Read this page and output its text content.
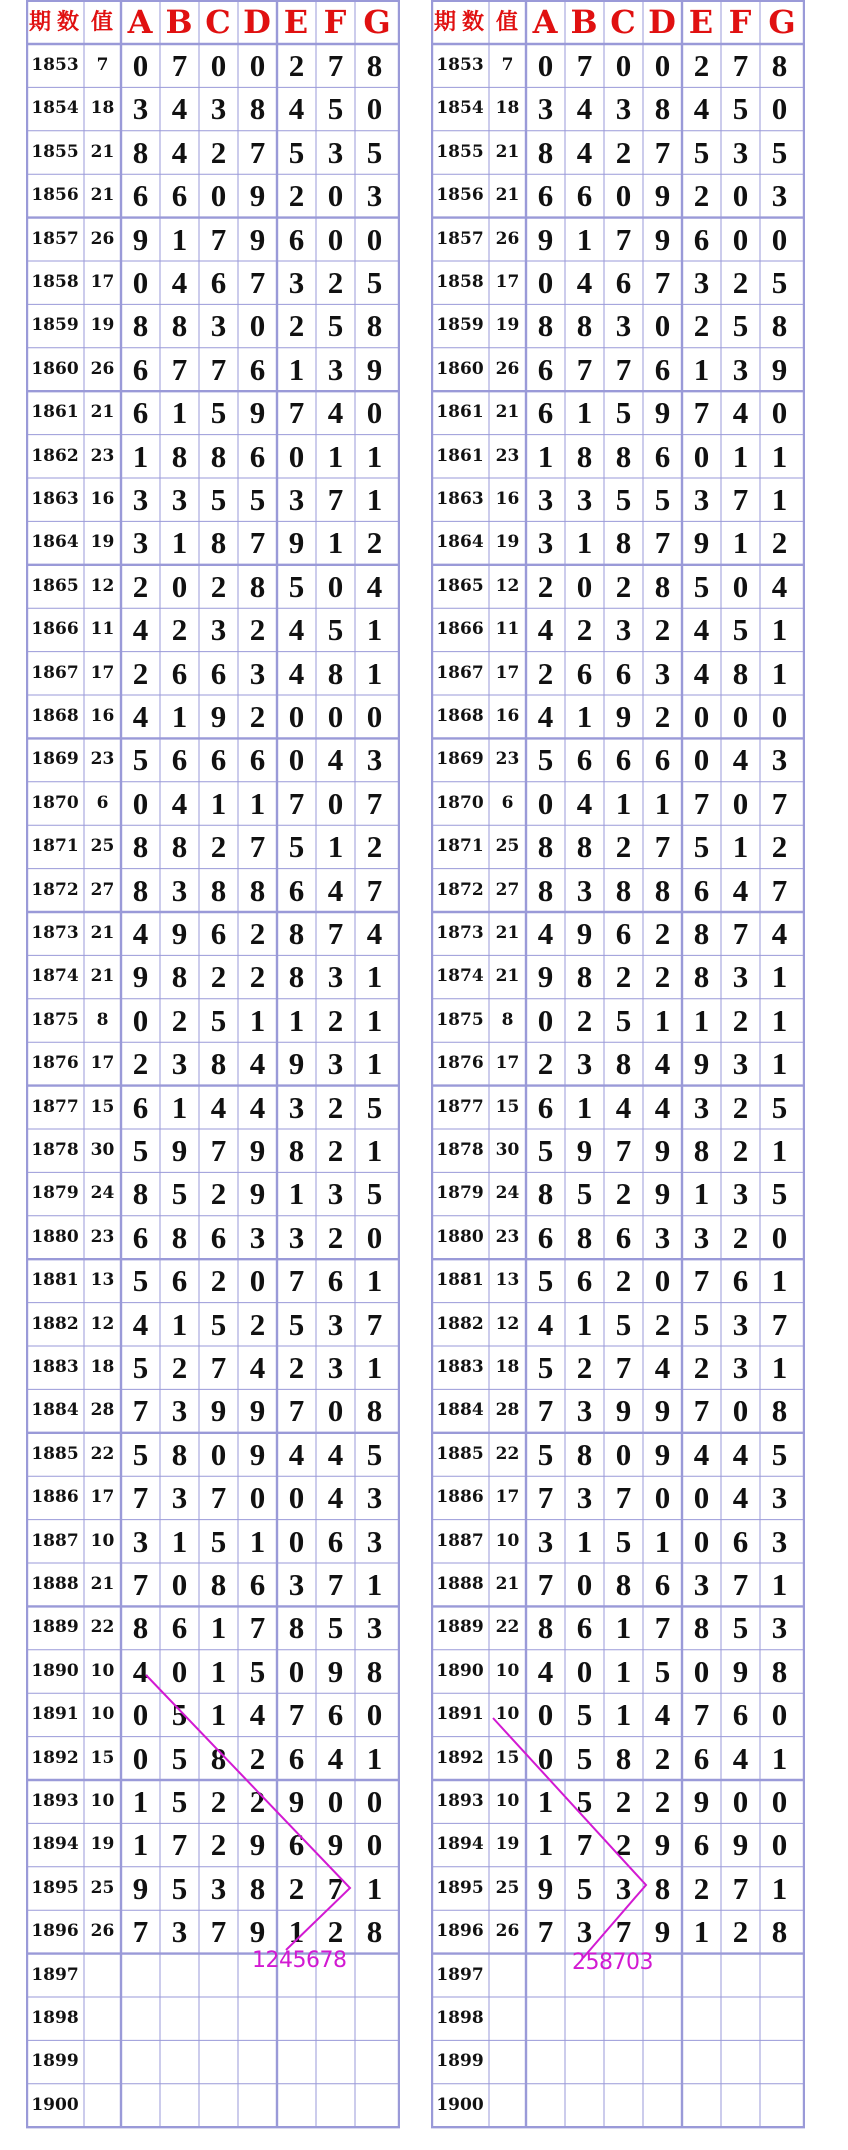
期 数 值 A B C D E F G
1853	7 0 7 0 0 2 7 8
1854 18 3 4 3 8 4 5 0
1855 21 8 4 2 7 5 3 5
1856 21 6 6 0 9 2 0 3
1857 26 9 1 7 9 6 0 0
1858 17 0 4 6 7 3 2 5
1859 19 8 8 3 0 2 5 8
1860 26 6 7 7 6 1 3 9
1861 21 6 1 5 9 7 4 0
1862 23 1 8 8 6 0 1 1
1863 16 3 3 5 5 3 7 1
1864 19 3 1 8 7 9 1 2
1865 12 2 0 2 8 5 0 4
1866 11 4 2 3 2 4 5 1
1867 17 2 6 6 3 4 8 1
1868 16 4 1 9 2 0 0 0
1869 23 5 6 6 6 0 4 3
1870	6 0 4 1 1 7 0 7
1871 25 8 8 2 7 5 1 2
1872 27 8 3 8 8 6 4 7
1873 21 4 9 6 2 8 7 4
1874 21 9 8 2 2 8 3 1
1875	8 0 2 5 1 1 2 1
1876 17 2 3 8 4 9 3 1
1877 15 6 1 4 4 3 2 5
1878 30 5 9 7 9 8 2 1
1879 24 8 5 2 9 1 3 5
1880 23 6 8 6 3 3 2 0
1881 13 5 6 2 0 7 6 1
1882 12 4 1 5 2 5 3 7
1883 18 5 2 7 4 2 3 1
1884 28 7 3 9 9 7 0 8
1885 22 5 8 0 9 4 4 5
1886 17 7 3 7 0 0 4 3
1887 10 3 1 5 1 0 6 3
1888 21 7 0 8 6 3 7 1
1889 22 8 6 1 7 8 5 3
1890 10 4 0 1 5 0 9 8
1891 10 0 5 1 4 7 6 0
1892 15 0 5 8 2 6 4 1
1893 10 1 5 2 2 9 0 0
1894 19 1 7 2 9 6 9 0
1895 25 9 5 3 8 2 7 1
1896 26 7 3 7 9 1 2 8
1897
1898
1899
1900
1245678
期 数 值 A B C D E F G
1853	7 0 7 0 0 2 7 8
1854 18 3 4 3 8 4 5 0
1855 21 8 4 2 7 5 3 5
1856 21 6 6 0 9 2 0 3
1857 26 9 1 7 9 6 0 0
1858 17 0 4 6 7 3 2 5
1859 19 8 8 3 0 2 5 8
1860 26 6 7 7 6 1 3 9
1861 21 6 1 5 9 7 4 0
1861 23 1 8 8 6 0 1 1
1863 16 3 3 5 5 3 7 1
1864 19 3 1 8 7 9 1 2
1865 12 2 0 2 8 5 0 4
1866 11 4 2 3 2 4 5 1
1867 17 2 6 6 3 4 8 1
1868 16 4 1 9 2 0 0 0
1869 23 5 6 6 6 0 4 3
1870	6 0 4 1 1 7 0 7
1871 25 8 8 2 7 5 1 2
1872 27 8 3 8 8 6 4 7
1873 21 4 9 6 2 8 7 4
1874 21 9 8 2 2 8 3 1
1875	8 0 2 5 1 1 2 1
1876 17 2 3 8 4 9 3 1
1877 15 6 1 4 4 3 2 5
1878 30 5 9 7 9 8 2 1
1879 24 8 5 2 9 1 3 5
1880 23 6 8 6 3 3 2 0
1881 13 5 6 2 0 7 6 1
1882 12 4 1 5 2 5 3 7
1883 18 5 2 7 4 2 3 1
1884 28 7 3 9 9 7 0 8
1885 22 5 8 0 9 4 4 5
1886 17 7 3 7 0 0 4 3
1887 10 3 1 5 1 0 6 3
1888 21 7 0 8 6 3 7 1
1889 22 8 6 1 7 8 5 3
1890 10 4 0 1 5 0 9 8
1891 10 0 5 1 4 7 6 0
1892 15 0 5 8 2 6 4 1
1893 10 1 5 2 2 9 0 0
1894 19 1 7 2 9 6 9 0
1895 25 9 5 3 8 2 7 1
1896 26 7 3 7 9 1 2 8
1897
1898
1899
1900
258703
